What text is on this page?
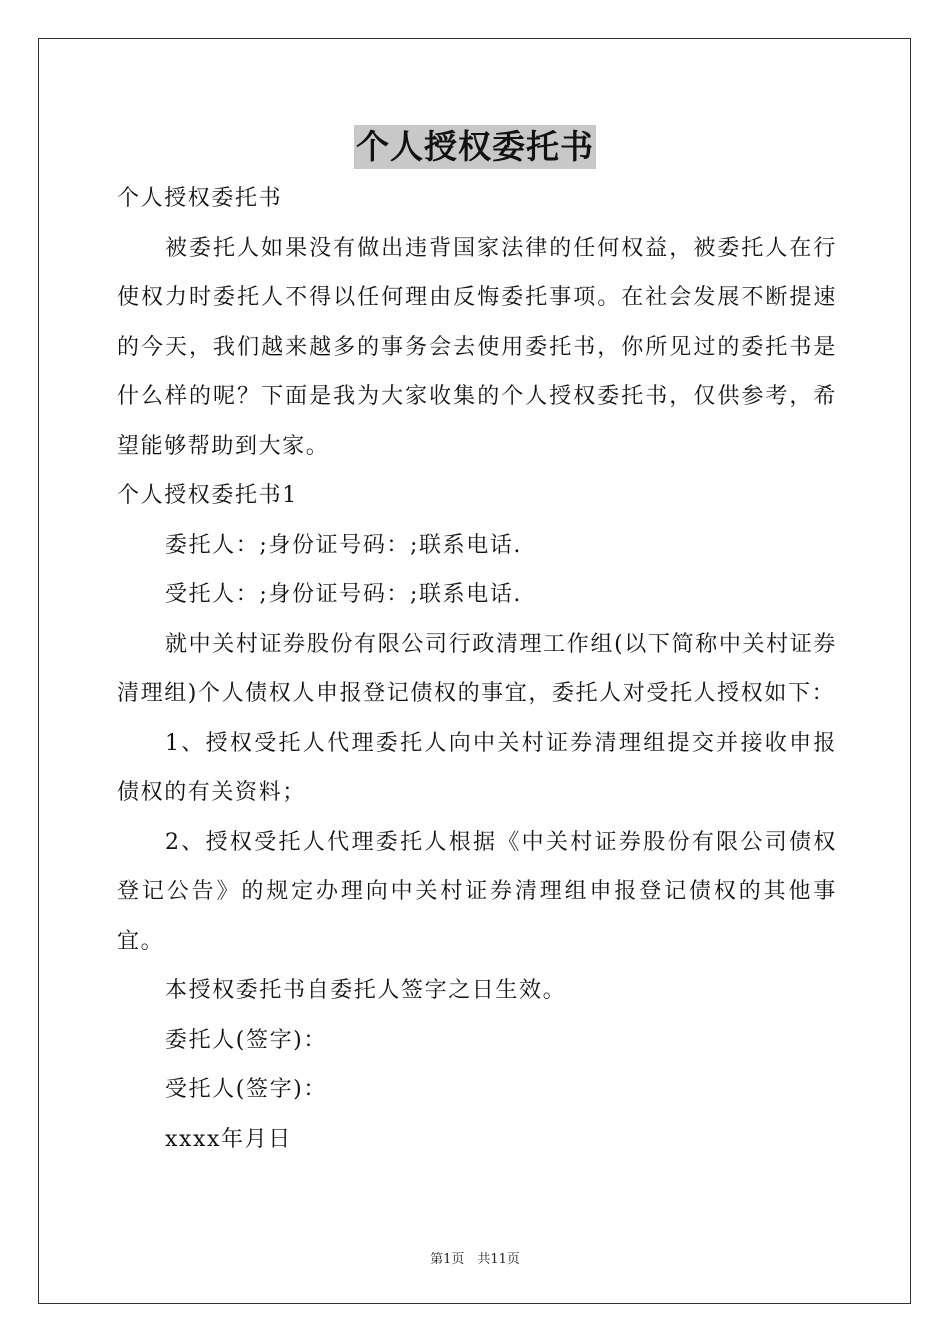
个人授权委托书

个人授权委托书

被委托人如果没有做出违背国家法律的任何权益，被委托人在行使权力时委托人不得以任何理由反悔委托事项。在社会发展不断提速的今天，我们越来越多的事务会去使用委托书，你所见过的委托书是什么样的呢？下面是我为大家收集的个人授权委托书，仅供参考，希望能够帮助到大家。

个人授权委托书1

委托人：;身份证号码：;联系电话.

受托人：;身份证号码：;联系电话.

就中关村证券股份有限公司行政清理工作组(以下简称中关村证券清理组)个人债权人申报登记债权的事宜，委托人对受托人授权如下：

1、授权受托人代理委托人向中关村证券清理组提交并接收申报债权的有关资料；

2、授权受托人代理委托人根据《中关村证券股份有限公司债权登记公告》的规定办理向中关村证券清理组申报登记债权的其他事宜。

本授权委托书自委托人签字之日生效。

委托人(签字)：

受托人(签字)：

xxxx年月日

第1页　共11页
